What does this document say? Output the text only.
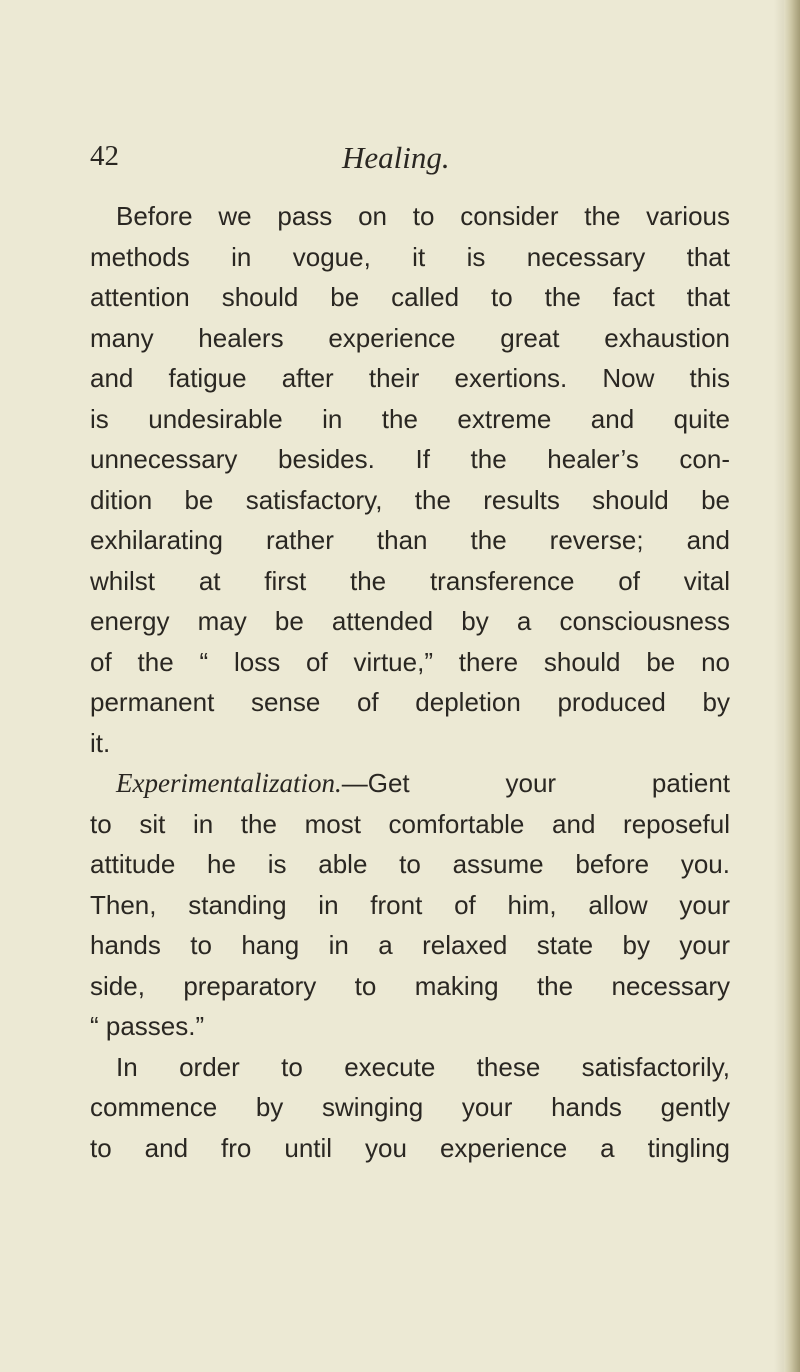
42	Healing.
Before we pass on to consider the various
methods in vogue, it is necessary that
attention should be called to the fact that
many healers experience great exhaustion
and fatigue after their exertions. Now this
is undesirable in the extreme and quite
unnecessary besides. If the healer’s con-
dition be satisfactory, the results should be
exhilarating rather than the reverse; and
whilst at first the transference of vital
energy may be attended by a consciousness
of the “ loss of virtue,” there should be no
permanent sense of depletion produced by
it.
Experimentalization.—Get your patient
to sit in the most comfortable and reposeful
attitude he is able to assume before you.
Then, standing in front of him, allow your
hands to hang in a relaxed state by your
side, preparatory to making the necessary
“ passes.”
In order to execute these satisfactorily,
commence by swinging your hands gently
to and fro until you experience a tingling
